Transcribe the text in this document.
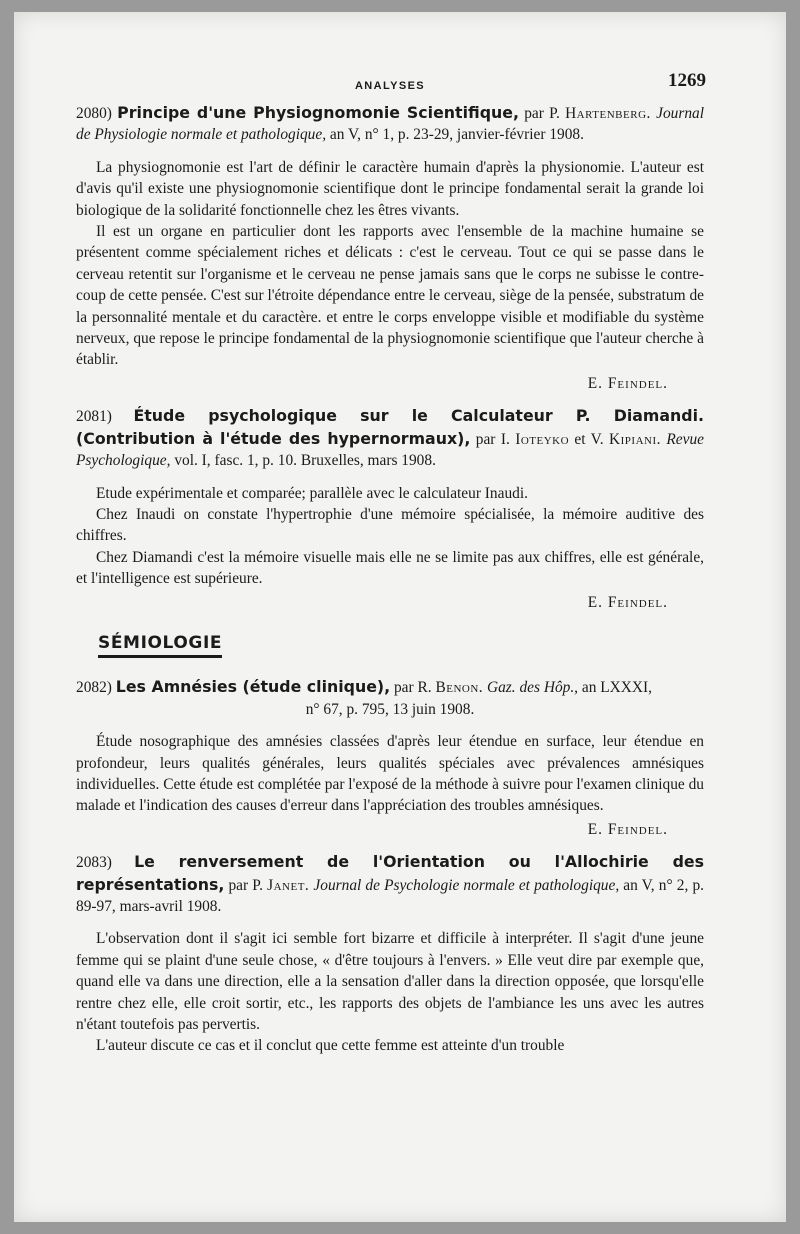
ANALYSES	1269

2080) Principe d'une Physiognomonie Scientifique, par P. Hartenberg. Journal de Physiologie normale et pathologique, an V, n° 1, p. 23-29, janvier-février 1908.

La physiognomonie est l'art de définir le caractère humain d'après la physionomie. L'auteur est d'avis qu'il existe une physiognomonie scientifique dont le principe fondamental serait la grande loi biologique de la solidarité fonctionnelle chez les êtres vivants.

Il est un organe en particulier dont les rapports avec l'ensemble de la machine humaine se présentent comme spécialement riches et délicats : c'est le cerveau. Tout ce qui se passe dans le cerveau retentit sur l'organisme et le cerveau ne pense jamais sans que le corps ne subisse le contre-coup de cette pensée. C'est sur l'étroite dépendance entre le cerveau, siège de la pensée, substratum de la personnalité mentale et du caractère. et entre le corps enveloppe visible et modifiable du système nerveux, que repose le principe fondamental de la physiognomonie scientifique que l'auteur cherche à établir.

E. Feindel.

2081) Étude psychologique sur le Calculateur P. Diamandi. (Contribution à l'étude des hypernormaux), par I. Ioteyko et V. Kipiani. Revue Psychologique, vol. I, fasc. 1, p. 10. Bruxelles, mars 1908.

Etude expérimentale et comparée; parallèle avec le calculateur Inaudi.

Chez Inaudi on constate l'hypertrophie d'une mémoire spécialisée, la mémoire auditive des chiffres.

Chez Diamandi c'est la mémoire visuelle mais elle ne se limite pas aux chiffres, elle est générale, et l'intelligence est supérieure.

E. Feindel.

SÉMIOLOGIE

2082) Les Amnésies (étude clinique), par R. Benon. Gaz. des Hôp., an LXXXI,

n° 67, p. 795, 13 juin 1908.

Étude nosographique des amnésies classées d'après leur étendue en surface, leur étendue en profondeur, leurs qualités générales, leurs qualités spéciales avec prévalences amnésiques individuelles. Cette étude est complétée par l'exposé de la méthode à suivre pour l'examen clinique du malade et l'indication des causes d'erreur dans l'appréciation des troubles amnésiques.

E. Feindel.

2083) Le renversement de l'Orientation ou l'Allochirie des représentations, par P. Janet. Journal de Psychologie normale et pathologique, an V, n° 2, p. 89-97, mars-avril 1908.

L'observation dont il s'agit ici semble fort bizarre et difficile à interpréter. Il s'agit d'une jeune femme qui se plaint d'une seule chose, « d'être toujours à l'envers. » Elle veut dire par exemple que, quand elle va dans une direction, elle a la sensation d'aller dans la direction opposée, que lorsqu'elle rentre chez elle, elle croit sortir, etc., les rapports des objets de l'ambiance les uns avec les autres n'étant toutefois pas pervertis.

L'auteur discute ce cas et il conclut que cette femme est atteinte d'un trouble
